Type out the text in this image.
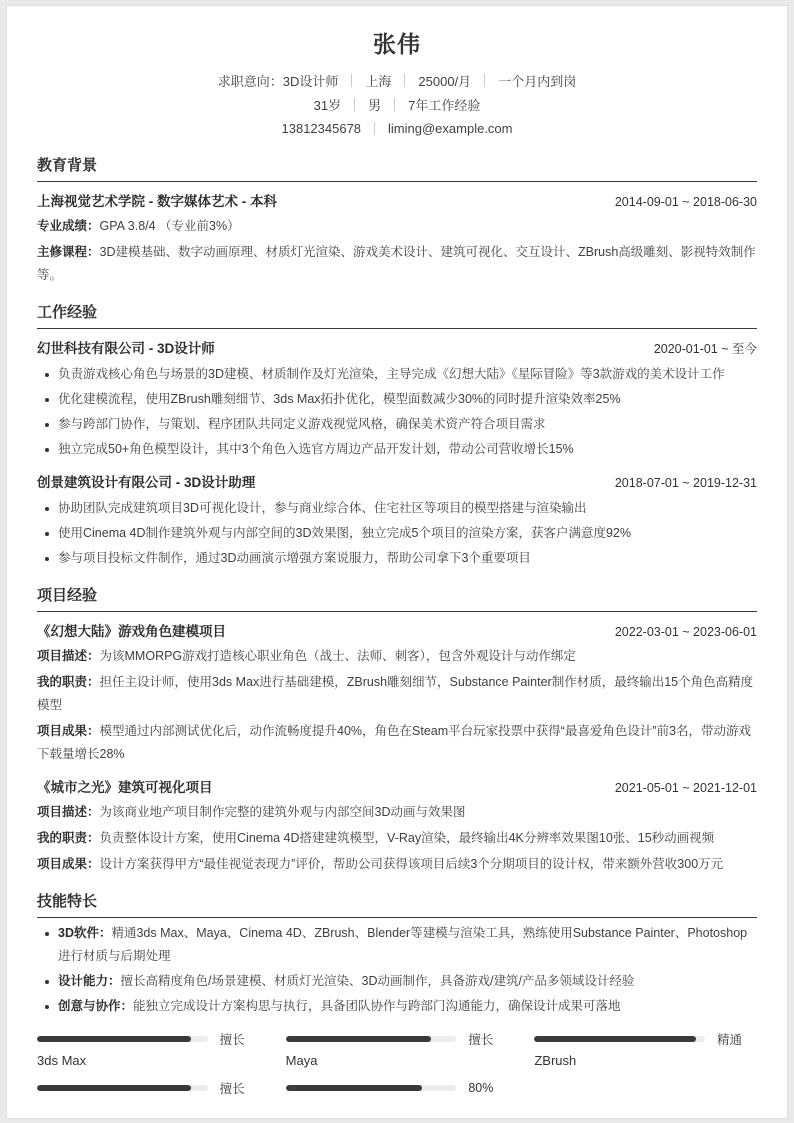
张伟
求职意向：3D设计师 上海 25000/月 一个月内到岗
31岁 男 7年工作经验
13812345678 liming@example.com
教育背景
上海视觉艺术学院 - 数字媒体艺术 - 本科	2014-09-01 ~ 2018-06-30

专业成绩：GPA 3.8/4 （专业前3%）

主修课程：3D建模基础、数字动画原理、材质灯光渲染、游戏美术设计、建筑可视化、交互设计、ZBrush高级雕刻、影视特效制作等。

工作经验
幻世科技有限公司 - 3D设计师	2020-01-01 ~ 至今
负责游戏核心角色与场景的3D建模、材质制作及灯光渲染，主导完成《幻想大陆》《星际冒险》等3款游戏的美术设计工作
优化建模流程，使用ZBrush雕刻细节、3ds Max拓扑优化，模型面数减少30%的同时提升渲染效率25%
参与跨部门协作，与策划、程序团队共同定义游戏视觉风格，确保美术资产符合项目需求
独立完成50+角色模型设计，其中3个角色入选官方周边产品开发计划，带动公司营收增长15%
创景建筑设计有限公司 - 3D设计助理	2018-07-01 ~ 2019-12-31
协助团队完成建筑项目3D可视化设计，参与商业综合体、住宅社区等项目的模型搭建与渲染输出
使用Cinema 4D制作建筑外观与内部空间的3D效果图，独立完成5个项目的渲染方案，获客户满意度92%
参与项目投标文件制作，通过3D动画演示增强方案说服力，帮助公司拿下3个重要项目
项目经验
《幻想大陆》游戏角色建模项目	2022-03-01 ~ 2023-06-01

项目描述：为该MMORPG游戏打造核心职业角色（战士、法师、刺客），包含外观设计与动作绑定

我的职责：担任主设计师，使用3ds Max进行基础建模，ZBrush雕刻细节，Substance Painter制作材质，最终输出15个角色高精度模型

项目成果：模型通过内部测试优化后，动作流畅度提升40%，角色在Steam平台玩家投票中获得“最喜爱角色设计”前3名，带动游戏下载量增长28%

《城市之光》建筑可视化项目	2021-05-01 ~ 2021-12-01

项目描述：为该商业地产项目制作完整的建筑外观与内部空间3D动画与效果图

我的职责：负责整体设计方案，使用Cinema 4D搭建建筑模型，V-Ray渲染，最终输出4K分辨率效果图10张、15秒动画视频

项目成果：设计方案获得甲方“最佳视觉表现力”评价，帮助公司获得该项目后续3个分期项目的设计权，带来额外营收300万元

技能特长
3D软件：精通3ds Max、Maya、Cinema 4D、ZBrush、Blender等建模与渲染工具，熟练使用Substance Painter、Photoshop进行材质与后期处理
设计能力：擅长高精度角色/场景建模、材质灯光渲染、3D动画制作，具备游戏/建筑/产品多领域设计经验
创意与协作：能独立完成设计方案构思与执行，具备团队协作与跨部门沟通能力，确保设计成果可落地
擅长
3ds Max
擅长
Maya
精通
ZBrush
擅长	80%
